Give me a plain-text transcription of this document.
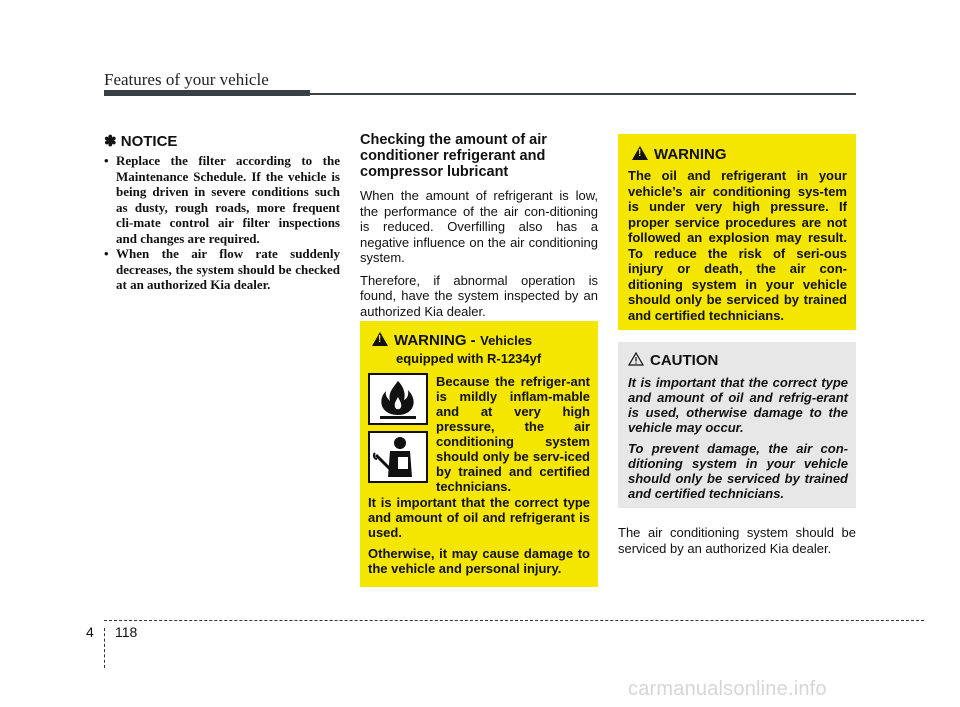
Features of your vehicle
✽ NOTICE
• Replace the filter according to the Maintenance Schedule. If the vehicle is being driven in severe conditions such as dusty, rough roads, more frequent cli-mate control air filter inspections and changes are required.
• When the air flow rate suddenly decreases, the system should be checked at an authorized Kia dealer.
Checking the amount of air conditioner refrigerant and compressor lubricant

When the amount of refrigerant is low, the performance of the air con-ditioning is reduced. Overfilling also has a negative influence on the air conditioning system.

Therefore, if abnormal operation is found, have the system inspected by an authorized Kia dealer.

!WARNING - Vehicles
equipped with R-1234yf
Because the refriger-ant is mildly inflam-mable and at very high pressure, the air conditioning system should only be serv-iced by trained and certified technicians.

It is important that the correct type and amount of oil and refrigerant is used.

Otherwise, it may cause damage to the vehicle and personal injury.

!WARNING
The oil and refrigerant in your vehicle’s air conditioning sys-tem is under very high pressure. If proper service procedures are not followed an explosion may result. To reduce the risk of seri-ous injury or death, the air con-ditioning system in your vehicle should only be serviced by trained and certified technicians.
CAUTION

It is important that the correct type and amount of oil and refrig-erant is used, otherwise damage to the vehicle may occur.

To prevent damage, the air con-ditioning system in your vehicle should only be serviced by trained and certified technicians.

The air conditioning system should be serviced by an authorized Kia dealer.

4 118
carmanualsonline.info
